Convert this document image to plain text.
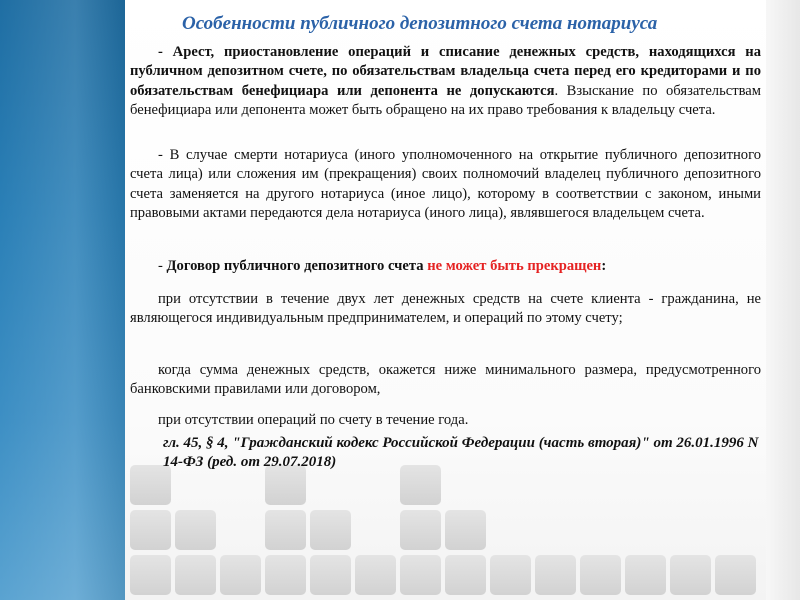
Особенности публичного депозитного счета нотариуса
- Арест, приостановление операций и списание денежных средств, находящихся на публичном депозитном счете, по обязательствам владельца счета перед его кредиторами и по обязательствам бенефициара или депонента не допускаются. Взыскание по обязательствам бенефициара или депонента может быть обращено на их право требования к владельцу счета.
- В случае смерти нотариуса (иного уполномоченного на открытие публичного депозитного счета лица) или сложения им (прекращения) своих полномочий владелец публичного депозитного счета заменяется на другого нотариуса (иное лицо), которому в соответствии с законом, иными правовыми актами передаются дела нотариуса (иного лица), являвшегося владельцем счета.
- Договор публичного депозитного счета не может быть прекращен:
при отсутствии в течение двух лет денежных средств на счете клиента - гражданина, не являющегося индивидуальным предпринимателем, и операций по этому счету;
когда сумма денежных средств, окажется ниже минимального размера, предусмотренного банковскими правилами или договором,
при отсутствии операций по счету в течение года.
гл. 45, § 4, "Гражданский кодекс Российской Федерации (часть вторая)" от 26.01.1996 N 14-ФЗ (ред. от 29.07.2018)
